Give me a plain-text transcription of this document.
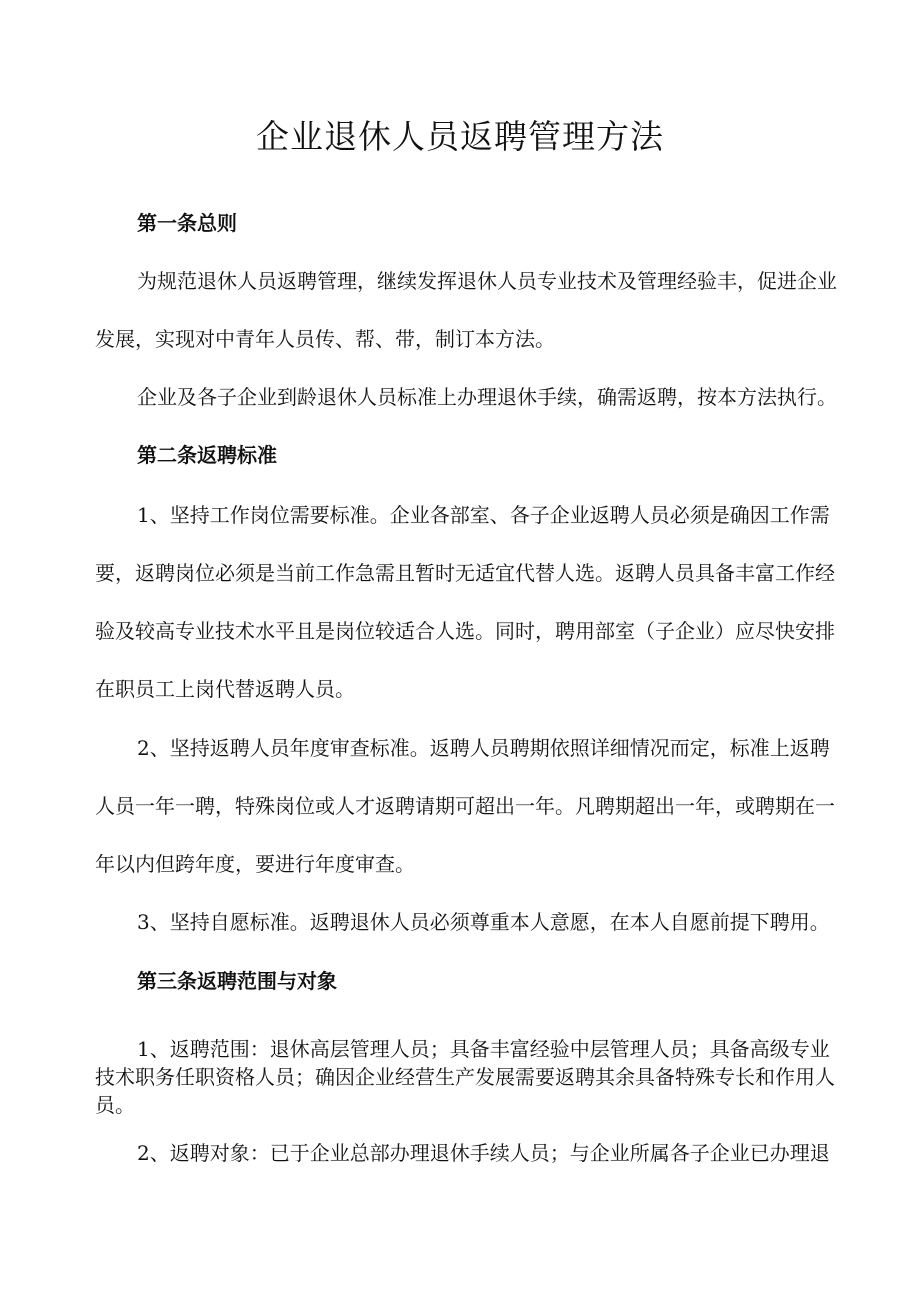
企业退休人员返聘管理方法

第一条总则

为规范退休人员返聘管理，继续发挥退休人员专业技术及管理经验丰，促进企业

发展，实现对中青年人员传、帮、带，制订本方法。

企业及各子企业到龄退休人员标准上办理退休手续，确需返聘，按本方法执行。

第二条返聘标准

1、坚持工作岗位需要标准。企业各部室、各子企业返聘人员必须是确因工作需

要，返聘岗位必须是当前工作急需且暂时无适宜代替人选。返聘人员具备丰富工作经

验及较高专业技术水平且是岗位较适合人选。同时，聘用部室（子企业）应尽快安排

在职员工上岗代替返聘人员。

2、坚持返聘人员年度审查标准。返聘人员聘期依照详细情况而定，标准上返聘

人员一年一聘，特殊岗位或人才返聘请期可超出一年。凡聘期超出一年，或聘期在一

年以内但跨年度，要进行年度审查。

3、坚持自愿标准。返聘退休人员必须尊重本人意愿，在本人自愿前提下聘用。

第三条返聘范围与对象

1、返聘范围：退休高层管理人员；具备丰富经验中层管理人员；具备高级专业

技术职务任职资格人员；确因企业经营生产发展需要返聘其余具备特殊专长和作用人

员。

2、返聘对象：已于企业总部办理退休手续人员；与企业所属各子企业已办理退
